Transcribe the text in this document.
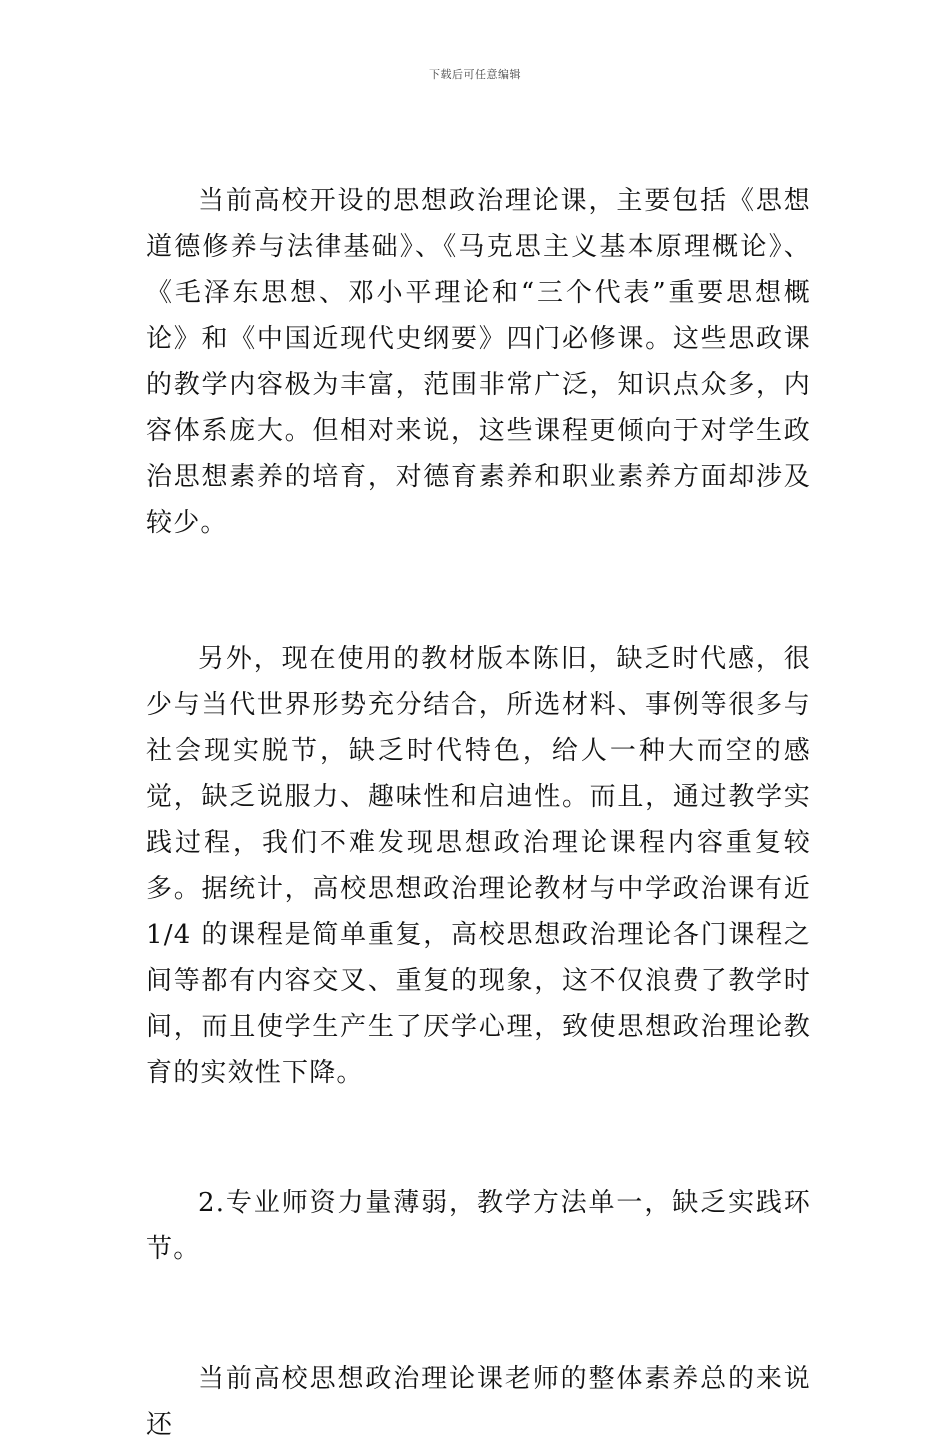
下载后可任意编辑

当前高校开设的思想政治理论课，主要包括《思想道德修养与法律基础》、《马克思主义基本原理概论》、《毛泽东思想、邓小平理论和“三个代表”重要思想概论》和《中国近现代史纲要》四门必修课。这些思政课的教学内容极为丰富，范围非常广泛，知识点众多，内容体系庞大。但相对来说，这些课程更倾向于对学生政治思想素养的培育，对德育素养和职业素养方面却涉及较少。

另外，现在使用的教材版本陈旧，缺乏时代感，很少与当代世界形势充分结合，所选材料、事例等很多与社会现实脱节，缺乏时代特色，给人一种大而空的感觉，缺乏说服力、趣味性和启迪性。而且，通过教学实践过程，我们不难发现思想政治理论课程内容重复较多。据统计，高校思想政治理论教材与中学政治课有近 1/4 的课程是简单重复，高校思想政治理论各门课程之间等都有内容交叉、重复的现象，这不仅浪费了教学时间，而且使学生产生了厌学心理，致使思想政治理论教育的实效性下降。

2.专业师资力量薄弱，教学方法单一，缺乏实践环节。

当前高校思想政治理论课老师的整体素养总的来说还
